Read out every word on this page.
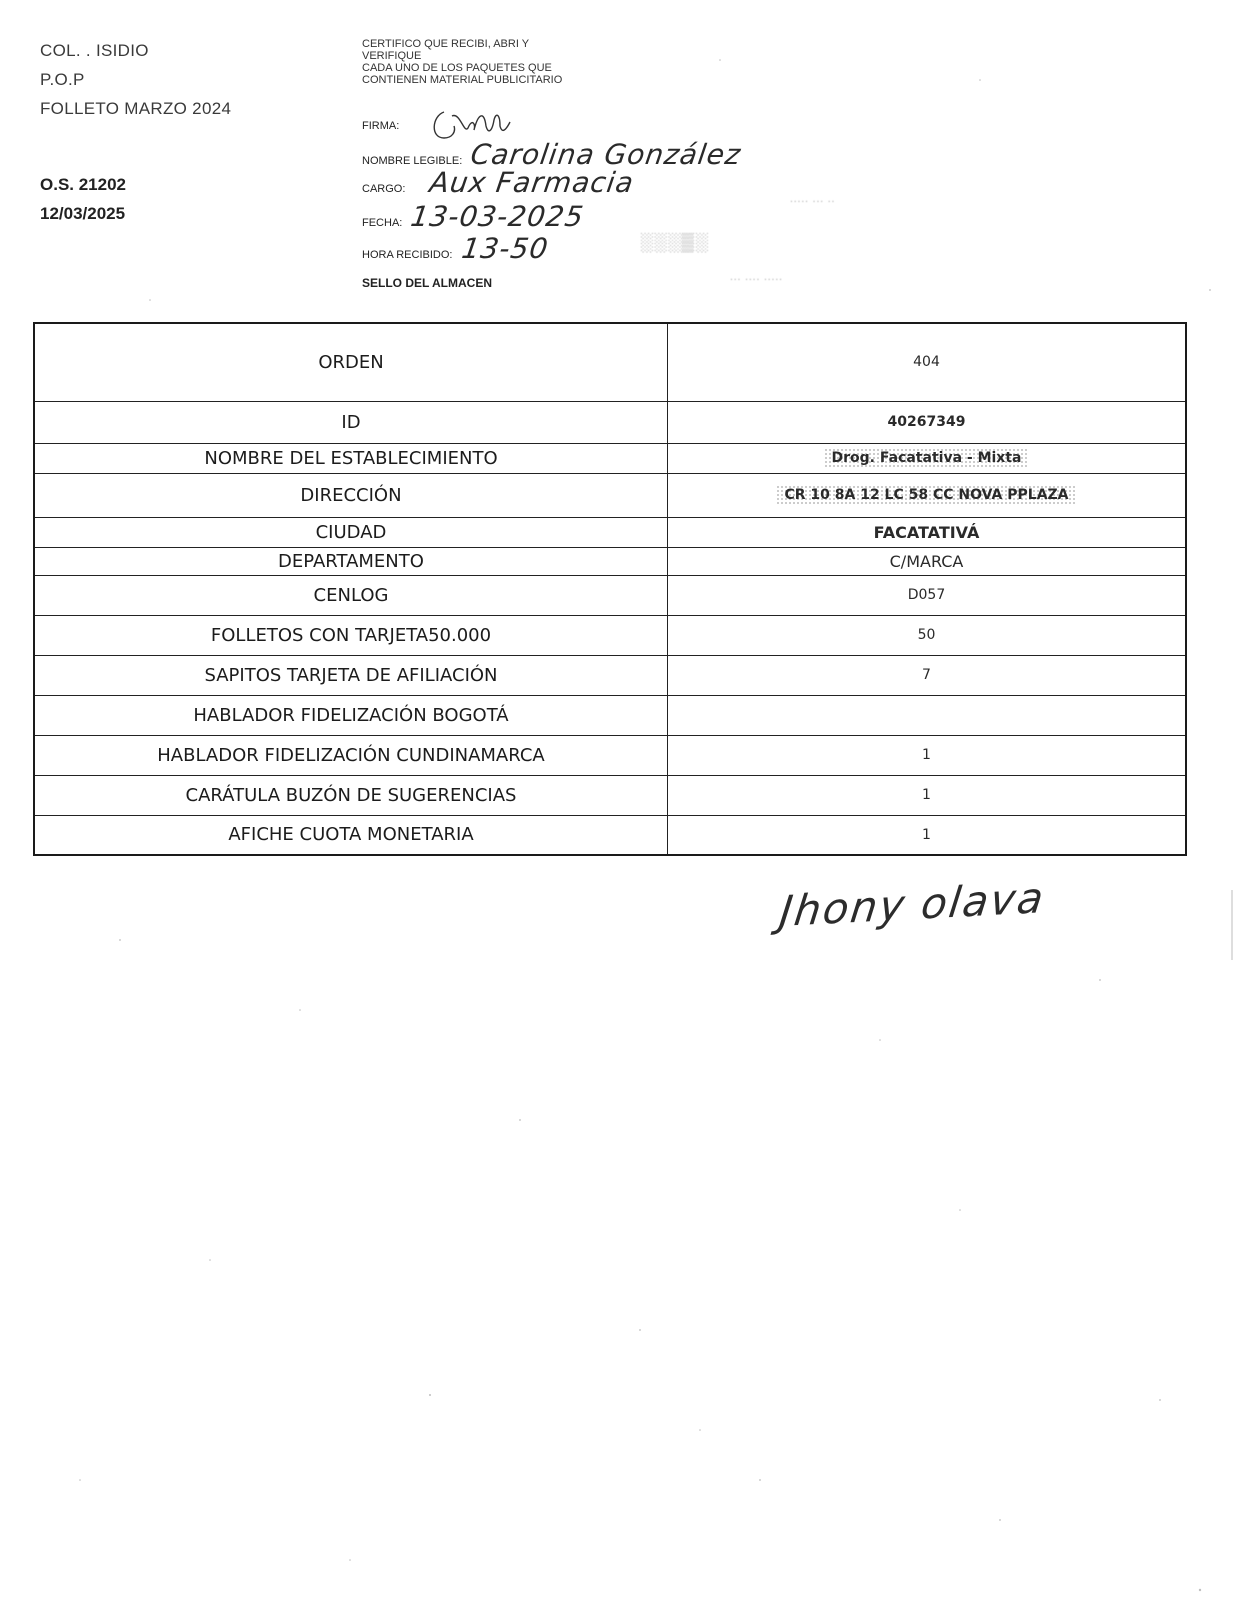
COL. . ISIDIO
P.O.P
FOLLETO MARZO 2024
O.S. 21202
12/03/2025
CERTIFICO QUE RECIBI, ABRI Y
VERIFIQUE
CADA UNO DE LOS PAQUETES QUE
CONTIENEN MATERIAL PUBLICITARIO
FIRMA:
NOMBRE LEGIBLE: Carolina González
CARGO: Aux Farmacia
FECHA: 13-03-2025
HORA RECIBIDO: 13-50
SELLO DEL ALMACEN
∙∙∙∙∙ ∙∙∙ ∙∙
░░░▒░
∙∙∙ ∙∙∙∙ ∙∙∙∙∙
ORDEN	404
ID	40267349
NOMBRE DEL ESTABLECIMIENTO	Drog. Facatativa - Mixta
DIRECCIÓN	CR 10 8A 12 LC 58 CC NOVA PPLAZA
CIUDAD	FACATATIVÁ
DEPARTAMENTO	C/MARCA
CENLOG	D057
FOLLETOS CON TARJETA50.000	50
SAPITOS TARJETA DE AFILIACIÓN	7
HABLADOR FIDELIZACIÓN BOGOTÁ	
HABLADOR FIDELIZACIÓN CUNDINAMARCA	1
CARÁTULA BUZÓN DE SUGERENCIAS	1
AFICHE CUOTA MONETARIA	1
Jhony olava
